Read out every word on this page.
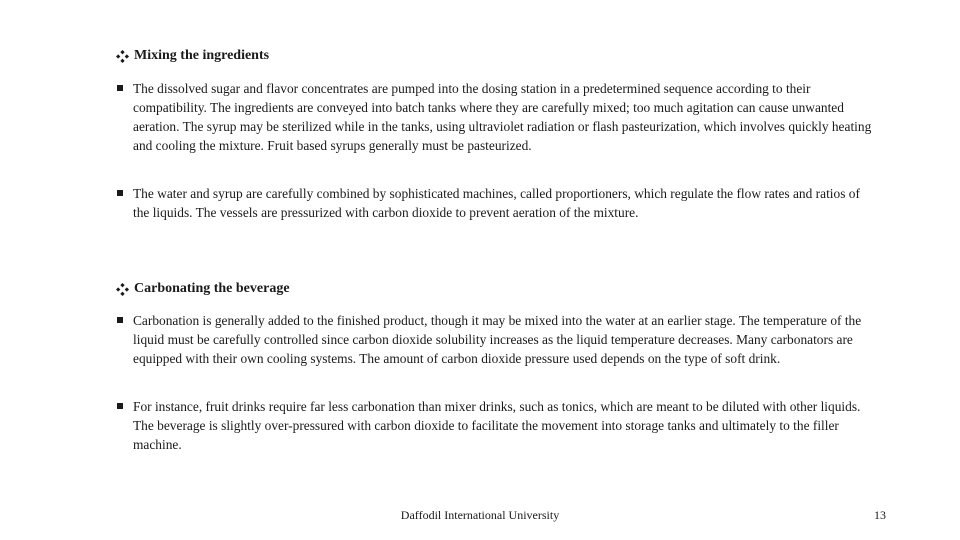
Mixing the ingredients
The dissolved sugar and flavor concentrates are pumped into the dosing station in a predetermined sequence according to their compatibility. The ingredients are conveyed into batch tanks where they are carefully mixed; too much agitation can cause unwanted aeration. The syrup may be sterilized while in the tanks, using ultraviolet radiation or flash pasteurization, which involves quickly heating and cooling the mixture. Fruit based syrups generally must be pasteurized.
The water and syrup are carefully combined by sophisticated machines, called proportioners, which regulate the flow rates and ratios of the liquids. The vessels are pressurized with carbon dioxide to prevent aeration of the mixture.
Carbonating the beverage
Carbonation is generally added to the finished product, though it may be mixed into the water at an earlier stage. The temperature of the liquid must be carefully controlled since carbon dioxide solubility increases as the liquid temperature decreases. Many carbonators are equipped with their own cooling systems. The amount of carbon dioxide pressure used depends on the type of soft drink.
For instance, fruit drinks require far less carbonation than mixer drinks, such as tonics, which are meant to be diluted with other liquids. The beverage is slightly over-pressured with carbon dioxide to facilitate the movement into storage tanks and ultimately to the filler machine.
Daffodil International University	13
